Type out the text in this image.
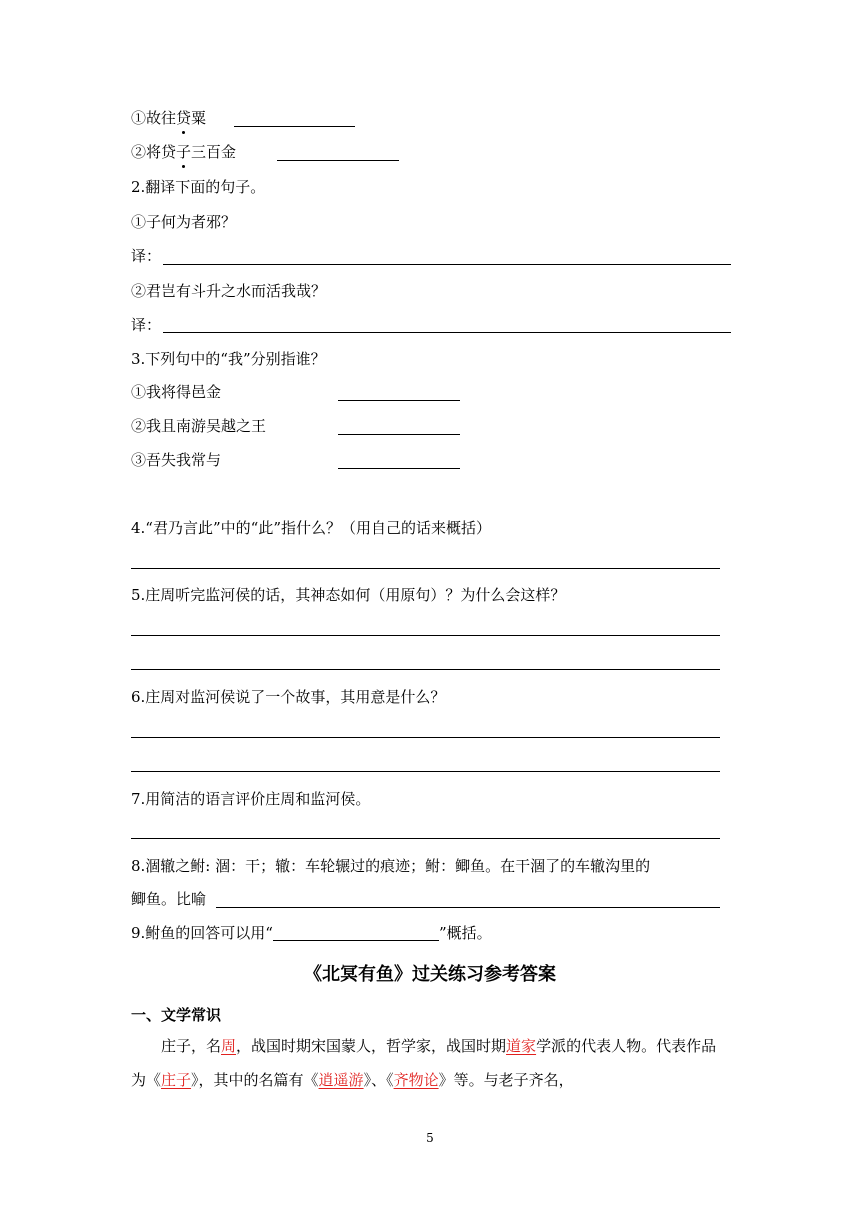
①故往贷粟
②将贷子三百金
2.翻译下面的句子。
①子何为者邪？
译：
②君岂有斗升之水而活我哉？
译：
3.下列句中的“我”分别指谁？
①我将得邑金
②我且南游吴越之王
③吾失我常与
4.“君乃言此”中的“此”指什么？（用自己的话来概括）
5.庄周听完监河侯的话，其神态如何（用原句）？为什么会这样？
6.庄周对监河侯说了一个故事，其用意是什么？
7.用简洁的语言评价庄周和监河侯。
8.涸辙之鲋: 涸：干；辙：车轮辗过的痕迹；鲋：鲫鱼。在干涸了的车辙沟里的
鲫鱼。比喻
9.鲋鱼的回答可以用“	”概括。
《北冥有鱼》过关练习参考答案
一、文学常识
庄子，名周，战国时期宋国蒙人，哲学家，战国时期道家学派的代表人物。代表作品为《庄子》，其中的名篇有《逍遥游》、《齐物论》等。与老子齐名，
5
